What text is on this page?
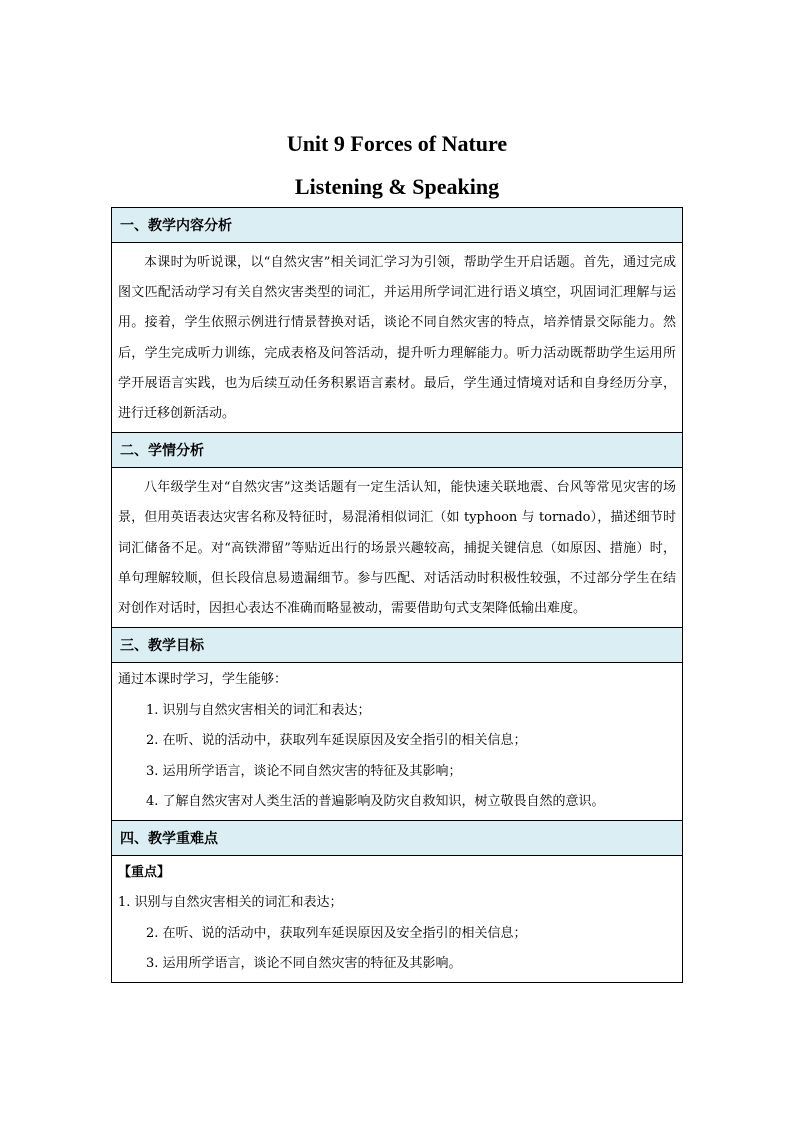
Unit 9 Forces of Nature
Listening & Speaking
一、教学内容分析

本课时为听说课，以“自然灾害”相关词汇学习为引领，帮助学生开启话题。首先，通过完成图文匹配活动学习有关自然灾害类型的词汇，并运用所学词汇进行语义填空，巩固词汇理解与运用。接着，学生依照示例进行情景替换对话，谈论不同自然灾害的特点，培养情景交际能力。然后，学生完成听力训练，完成表格及问答活动，提升听力理解能力。听力活动既帮助学生运用所学开展语言实践，也为后续互动任务积累语言素材。最后，学生通过情境对话和自身经历分享，进行迁移创新活动。

二、学情分析

八年级学生对“自然灾害”这类话题有一定生活认知，能快速关联地震、台风等常见灾害的场景，但用英语表达灾害名称及特征时，易混淆相似词汇（如 typhoon 与 tornado），描述细节时词汇储备不足。对“高铁滞留”等贴近出行的场景兴趣较高，捕捉关键信息（如原因、措施）时，单句理解较顺，但长段信息易遗漏细节。参与匹配、对话活动时积极性较强，不过部分学生在结对创作对话时，因担心表达不准确而略显被动，需要借助句式支架降低输出难度。

三、教学目标

通过本课时学习，学生能够：
1. 识别与自然灾害相关的词汇和表达；
2. 在听、说的活动中，获取列车延误原因及安全指引的相关信息；
3. 运用所学语言，谈论不同自然灾害的特征及其影响；
4. 了解自然灾害对人类生活的普遍影响及防灾自救知识，树立敬畏自然的意识。

四、教学重难点

【重点】
1. 识别与自然灾害相关的词汇和表达；
2. 在听、说的活动中，获取列车延误原因及安全指引的相关信息；
3. 运用所学语言，谈论不同自然灾害的特征及其影响。
